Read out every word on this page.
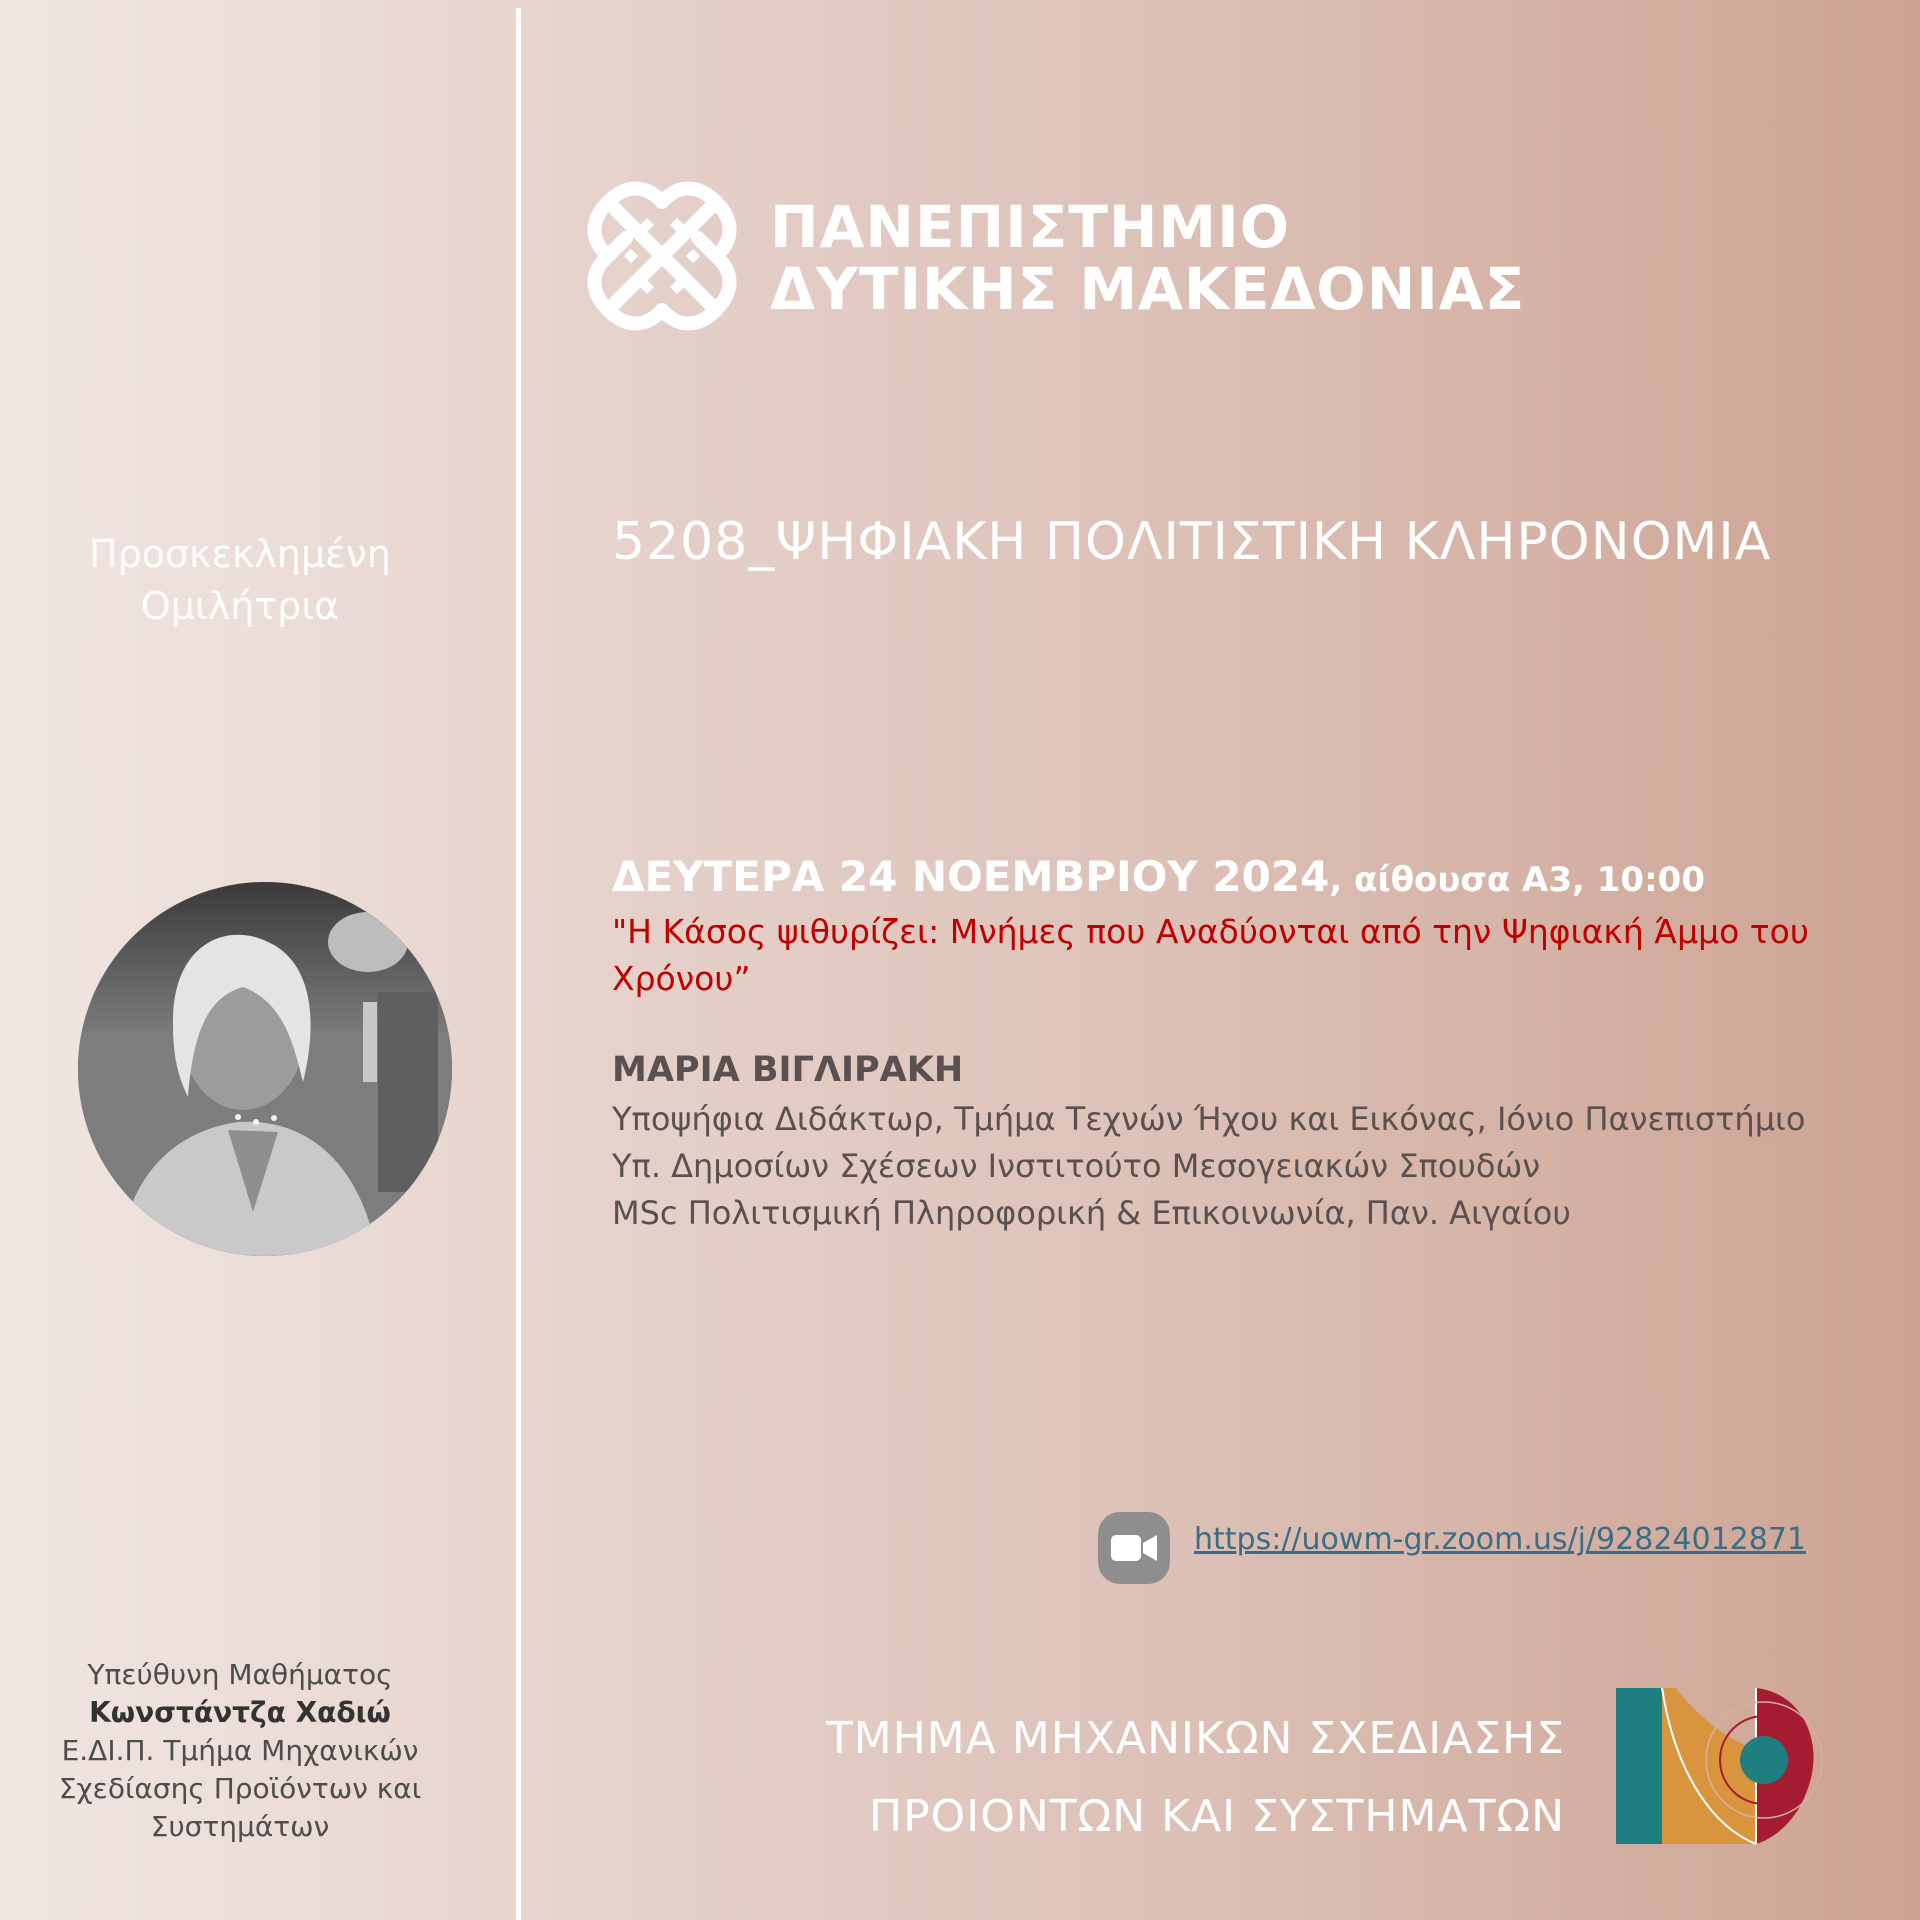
Προσκεκλημένη
Ομιλήτρια
Υπεύθυνη Μαθήματος
Κωνστάντζα Χαδιώ
Ε.ΔΙ.Π. Τμήμα Μηχανικών
Σχεδίασης Προϊόντων και
Συστημάτων
ΠΑΝΕΠΙΣΤΗΜΙΟ
ΔΥΤΙΚΗΣ ΜΑΚΕΔΟΝΙΑΣ
5208_ΨΗΦΙΑΚΗ ΠΟΛΙΤΙΣΤΙΚΗ ΚΛΗΡΟΝΟΜΙΑ
ΔΕΥΤΕΡΑ 24 ΝΟΕΜΒΡΙΟΥ 2024, αίθουσα Α3, 10:00
"Η Κάσος ψιθυρίζει: Μνήμες που Αναδύονται από την Ψηφιακή Άμμο του Χρόνου”
ΜΑΡΙΑ ΒΙΓΛΙΡΑΚΗ
Υποψήφια Διδάκτωρ, Τμήμα Τεχνών Ήχου και Εικόνας, Ιόνιο Πανεπιστήμιο
Υπ. Δημοσίων Σχέσεων Ινστιτούτο Μεσογειακών Σπουδών
MSc Πολιτισμική Πληροφορική & Επικοινωνία, Παν. Αιγαίου
https://uowm-gr.zoom.us/j/92824012871
ΤΜΗΜΑ ΜΗΧΑΝΙΚΩΝ ΣΧΕΔΙΑΣΗΣ
ΠΡΟΙΟΝΤΩΝ ΚΑΙ ΣΥΣΤΗΜΑΤΩΝ
